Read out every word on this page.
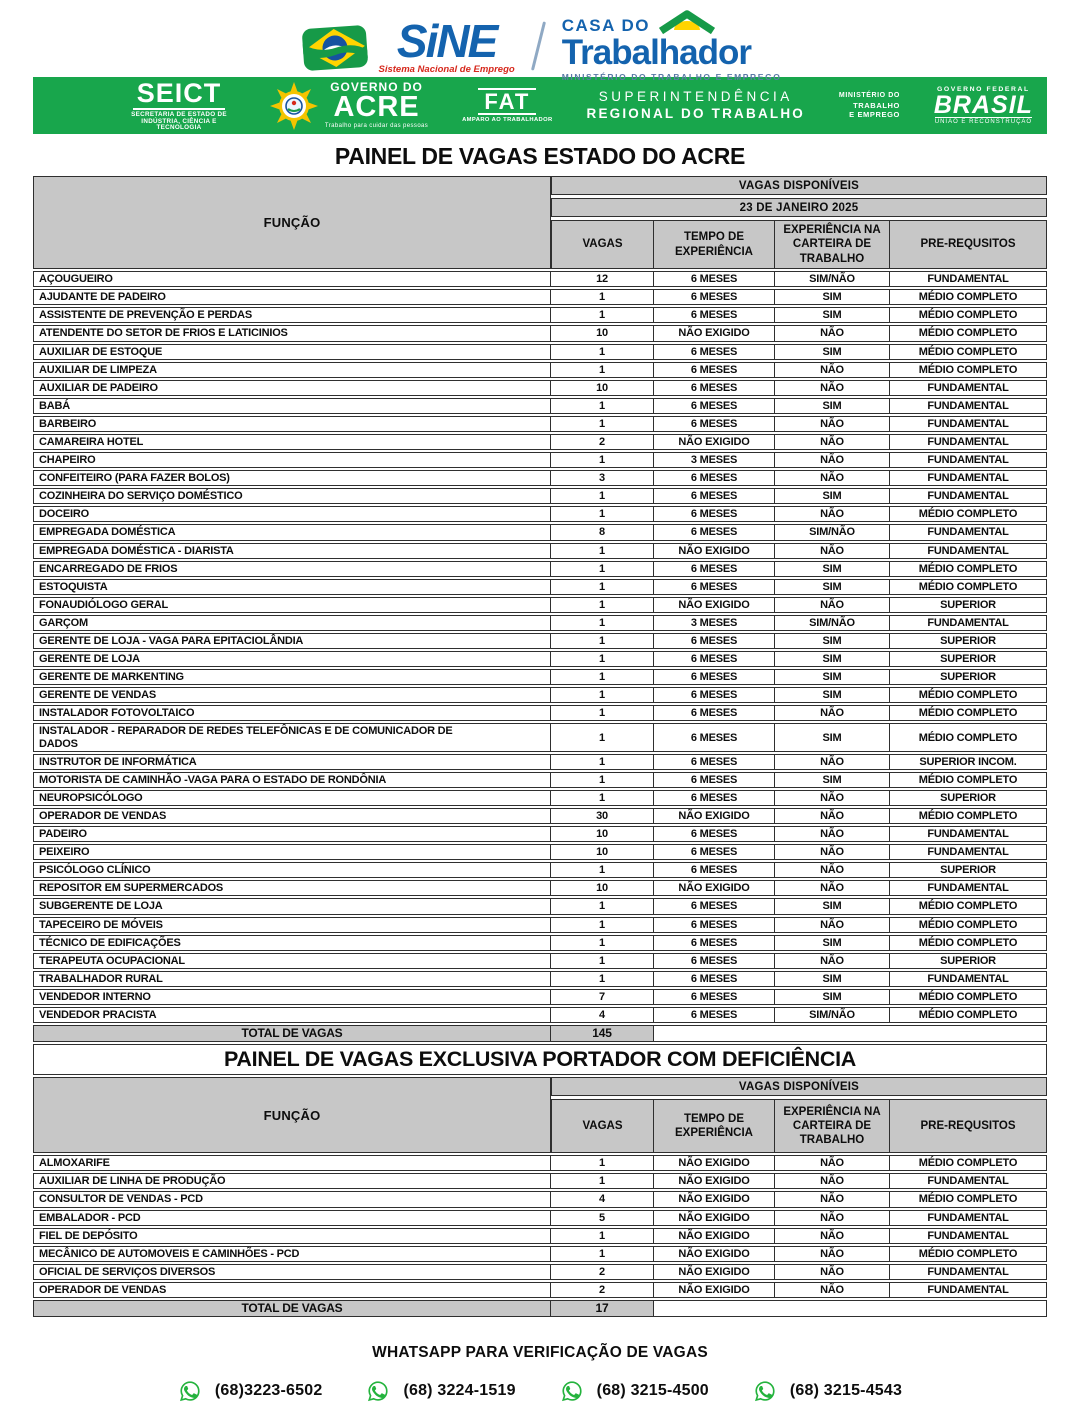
SiNE
Sistema Nacional de Emprego
CASA DO
Trabalhador
MINISTÉRIO DO TRABALHO E EMPREGO
SEICT
SECRETARIA DE ESTADO DE INDÚSTRIA, CIÊNCIA E TECNOLOGIA
GOVERNO DO
ACRE
Trabalho para cuidar das pessoas
FAT
AMPARO AO TRABALHADOR
SUPERINTENDÊNCIA
REGIONAL DO TRABALHO
MINISTÉRIO DO
TRABALHO
E EMPREGO
GOVERNO FEDERAL
BRASIL
UNIÃO E RECONSTRUÇÃO
PAINEL DE VAGAS ESTADO DO ACRE
FUNÇÃO
VAGAS DISPONÍVEIS
23 DE JANEIRO 2025
VAGAS
TEMPO DE EXPERIÊNCIA
EXPERIÊNCIA NA CARTEIRA DE TRABALHO
PRE-REQUSITOS
AÇOUGUEIRO	12	6 MESES	SIM/NÃO	FUNDAMENTAL
AJUDANTE DE PADEIRO	1	6 MESES	SIM	MÉDIO COMPLETO
ASSISTENTE DE PREVENÇÃO E PERDAS	1	6 MESES	SIM	MÉDIO COMPLETO
ATENDENTE DO SETOR DE FRIOS E LATICINIOS	10	NÃO EXIGIDO	NÃO	MÉDIO COMPLETO
AUXILIAR DE ESTOQUE	1	6 MESES	SIM	MÉDIO COMPLETO
AUXILIAR DE LIMPEZA	1	6 MESES	NÃO	MÉDIO COMPLETO
AUXILIAR DE PADEIRO	10	6 MESES	NÃO	FUNDAMENTAL
BABÁ	1	6 MESES	SIM	FUNDAMENTAL
BARBEIRO	1	6 MESES	NÃO	FUNDAMENTAL
CAMAREIRA HOTEL	2	NÃO EXIGIDO	NÃO	FUNDAMENTAL
CHAPEIRO	1	3 MESES	NÃO	FUNDAMENTAL
CONFEITEIRO (PARA FAZER BOLOS)	3	6 MESES	NÃO	FUNDAMENTAL
COZINHEIRA DO SERVIÇO DOMÉSTICO	1	6 MESES	SIM	FUNDAMENTAL
DOCEIRO	1	6 MESES	NÃO	MÉDIO COMPLETO
EMPREGADA DOMÉSTICA	8	6 MESES	SIM/NÃO	FUNDAMENTAL
EMPREGADA DOMÉSTICA - DIARISTA	1	NÃO EXIGIDO	NÃO	FUNDAMENTAL
ENCARREGADO DE FRIOS	1	6 MESES	SIM	MÉDIO COMPLETO
ESTOQUISTA	1	6 MESES	SIM	MÉDIO COMPLETO
FONAUDIÓLOGO GERAL	1	NÃO EXIGIDO	NÃO	SUPERIOR
GARÇOM	1	3 MESES	SIM/NÃO	FUNDAMENTAL
GERENTE DE LOJA - VAGA PARA EPITACIOLÂNDIA	1	6 MESES	SIM	SUPERIOR
GERENTE DE LOJA	1	6 MESES	SIM	SUPERIOR
GERENTE DE MARKENTING	1	6 MESES	SIM	SUPERIOR
GERENTE DE VENDAS	1	6 MESES	SIM	MÉDIO COMPLETO
INSTALADOR FOTOVOLTAICO	1	6 MESES	NÃO	MÉDIO COMPLETO
INSTALADOR - REPARADOR DE REDES TELEFÔNICAS E DE COMUNICADOR DE DADOS
1	6 MESES	SIM	MÉDIO COMPLETO
INSTRUTOR DE INFORMÁTICA	1	6 MESES	NÃO	SUPERIOR INCOM.
MOTORISTA DE CAMINHÃO -VAGA PARA O ESTADO DE RONDÔNIA	1	6 MESES	SIM	MÉDIO COMPLETO
NEUROPSICÓLOGO	1	6 MESES	NÃO	SUPERIOR
OPERADOR DE VENDAS	30	NÃO EXIGIDO	NÃO	MÉDIO COMPLETO
PADEIRO	10	6 MESES	NÃO	FUNDAMENTAL
PEIXEIRO	10	6 MESES	NÃO	FUNDAMENTAL
PSICÓLOGO CLÍNICO	1	6 MESES	NÃO	SUPERIOR
REPOSITOR EM SUPERMERCADOS	10	NÃO EXIGIDO	NÃO	FUNDAMENTAL
SUBGERENTE DE LOJA	1	6 MESES	SIM	MÉDIO COMPLETO
TAPECEIRO DE MÓVEIS	1	6 MESES	NÃO	MÉDIO COMPLETO
TÉCNICO DE EDIFICAÇÕES	1	6 MESES	SIM	MÉDIO COMPLETO
TERAPEUTA OCUPACIONAL	1	6 MESES	NÃO	SUPERIOR
TRABALHADOR RURAL	1	6 MESES	SIM	FUNDAMENTAL
VENDEDOR INTERNO	7	6 MESES	SIM	MÉDIO COMPLETO
VENDEDOR PRACISTA	4	6 MESES	SIM/NÃO	MÉDIO COMPLETO
TOTAL DE VAGAS	145
PAINEL DE VAGAS EXCLUSIVA PORTADOR COM DEFICIÊNCIA
FUNÇÃO
VAGAS DISPONÍVEIS
VAGAS
TEMPO DE EXPERIÊNCIA
EXPERIÊNCIA NA CARTEIRA DE TRABALHO
PRE-REQUSITOS
ALMOXARIFE	1	NÃO EXIGIDO	NÃO	MÉDIO COMPLETO
AUXILIAR DE LINHA DE PRODUÇÃO	1	NÃO EXIGIDO	NÃO	FUNDAMENTAL
CONSULTOR DE VENDAS - PCD	4	NÃO EXIGIDO	NÃO	MÉDIO COMPLETO
EMBALADOR - PCD	5	NÃO EXIGIDO	NÃO	FUNDAMENTAL
FIEL DE DEPÓSITO	1	NÃO EXIGIDO	NÃO	FUNDAMENTAL
MECÂNICO DE AUTOMOVEIS E CAMINHÕES - PCD	1	NÃO EXIGIDO	NÃO	MÉDIO COMPLETO
OFICIAL DE SERVIÇOS DIVERSOS	2	NÃO EXIGIDO	NÃO	FUNDAMENTAL
OPERADOR DE VENDAS	2	NÃO EXIGIDO	NÃO	FUNDAMENTAL
TOTAL DE VAGAS	17
WHATSAPP PARA VERIFICAÇÃO DE VAGAS
(68)3223-6502	(68) 3224-1519	(68) 3215-4500	(68) 3215-4543
